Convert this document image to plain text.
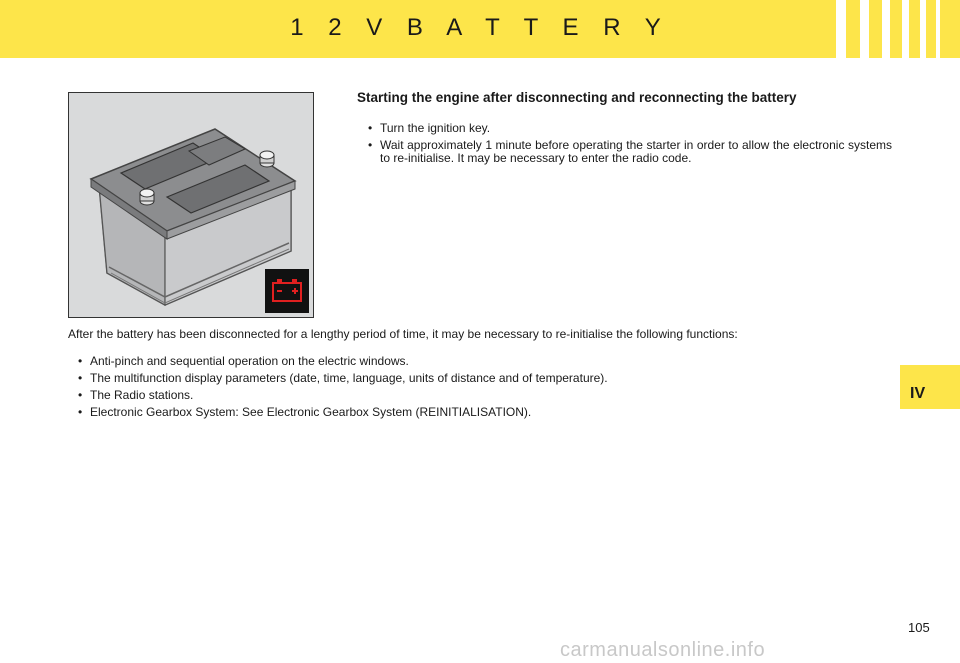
1 2 V B A T T E R Y
Starting the engine after disconnecting and reconnecting the battery
• Turn the ignition key.
• Wait approximately 1 minute before operating the starter in order to allow the electronic systems to re-initialise. It may be necessary to enter the radio code.
After the battery has been disconnected for a lengthy period of time, it may be necessary to re-initialise the following functions:
• Anti-pinch and sequential operation on the electric windows.
• The multifunction display parameters (date, time, language, units of distance and of temperature).
• The Radio stations.
• Electronic Gearbox System: See Electronic Gearbox System (REINITIALISATION).
IV
105
carmanualsonline.info
